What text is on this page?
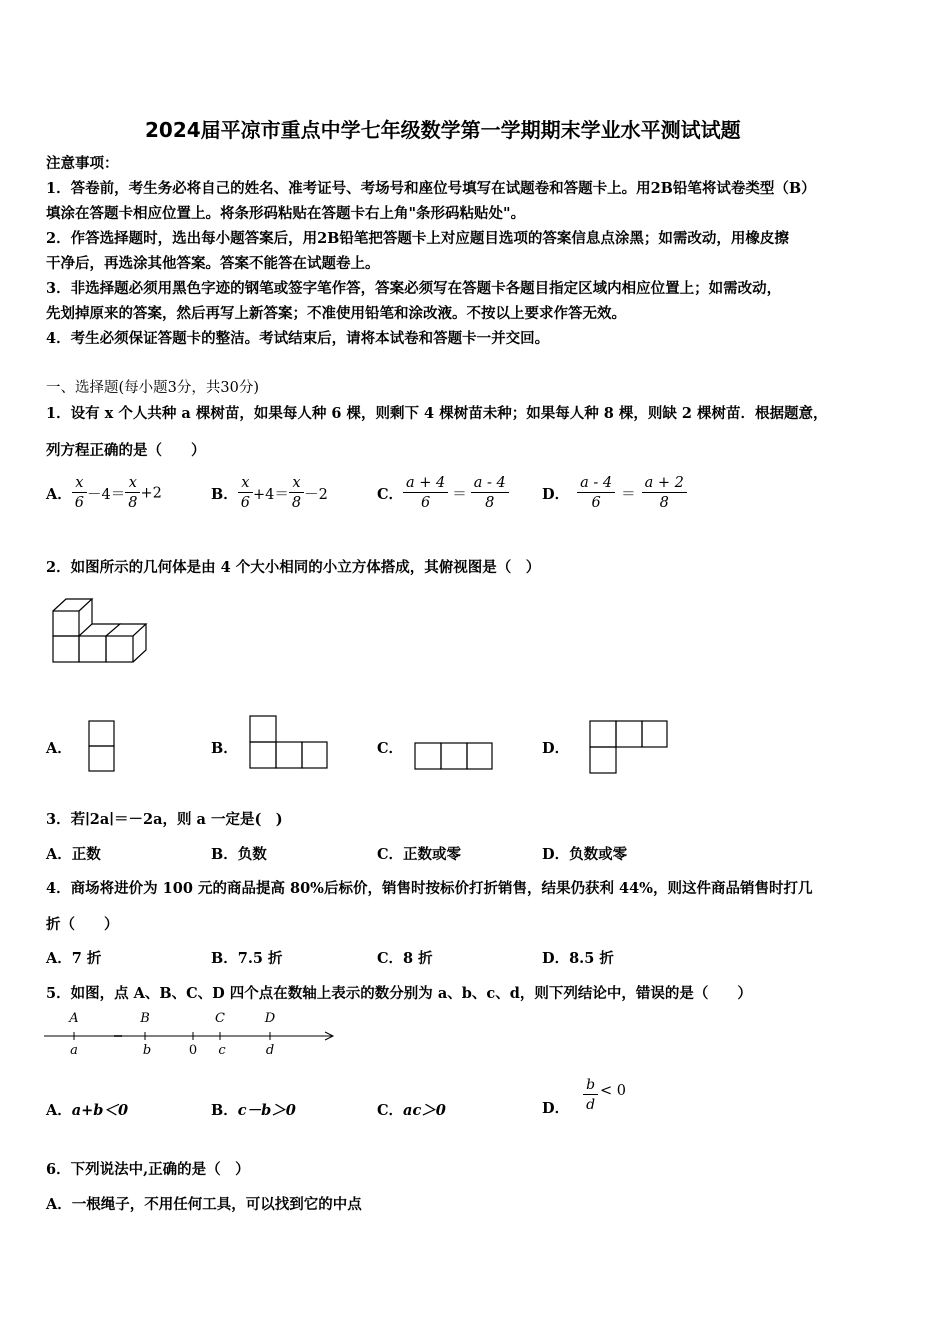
2024届平凉市重点中学七年级数学第一学期期末学业水平测试试题
注意事项：
1．答卷前，考生务必将自己的姓名、准考证号、考场号和座位号填写在试题卷和答题卡上。用2B铅笔将试卷类型（B）
填涂在答题卡相应位置上。将条形码粘贴在答题卡右上角"条形码粘贴处"。
2．作答选择题时，选出每小题答案后，用2B铅笔把答题卡上对应题目选项的答案信息点涂黑；如需改动，用橡皮擦
干净后，再选涂其他答案。答案不能答在试题卷上。
3．非选择题必须用黑色字迹的钢笔或签字笔作答，答案必须写在答题卡各题目指定区域内相应位置上；如需改动，
先划掉原来的答案，然后再写上新答案；不准使用铅笔和涂改液。不按以上要求作答无效。
4．考生必须保证答题卡的整洁。考试结束后，请将本试卷和答题卡一并交回。
一、选择题(每小题3分，共30分)
1．设有 x 个人共种 a 棵树苗，如果每人种 6 棵，则剩下 4 棵树苗未种；如果每人种 8 棵，则缺 2 棵树苗．根据题意，
列方程正确的是（　　）
A． $\frac{x}{6} -4= \frac{x}{8} +2$	B． $\frac{x}{6} +4= \frac{x}{8} -2$	C． $\frac{a + 4}{6} = \frac{a - 4}{8}$ D． $\frac{a - 4}{6} = \frac{a + 2}{8}$
2．如图所示的几何体是由 4 个大小相同的小立方体搭成，其俯视图是（　）
A．	B．	C．	D．
3．若∣2a∣＝－2a，则 a 一定是(　)
A．正数	B．负数	C．正数或零	D．负数或零
4．商场将进价为 100 元的商品提高 80%后标价，销售时按标价打折销售，结果仍获利 44%，则这件商品销售时打几
折（　　）
A．7 折	B．7.5 折	C．8 折	D．8.5 折
5．如图，点 A、B、C、D 四个点在数轴上表示的数分别为 a、b、c、d，则下列结论中，错误的是（　　）
A	B	C	D
a	b	0 c	d
A．a+b＜0	B．c－b＞0	C．ac＞0	D． $\frac{b}{d} < 0$
6．下列说法中,正确的是（　）
A．一根绳子，不用任何工具，可以找到它的中点
